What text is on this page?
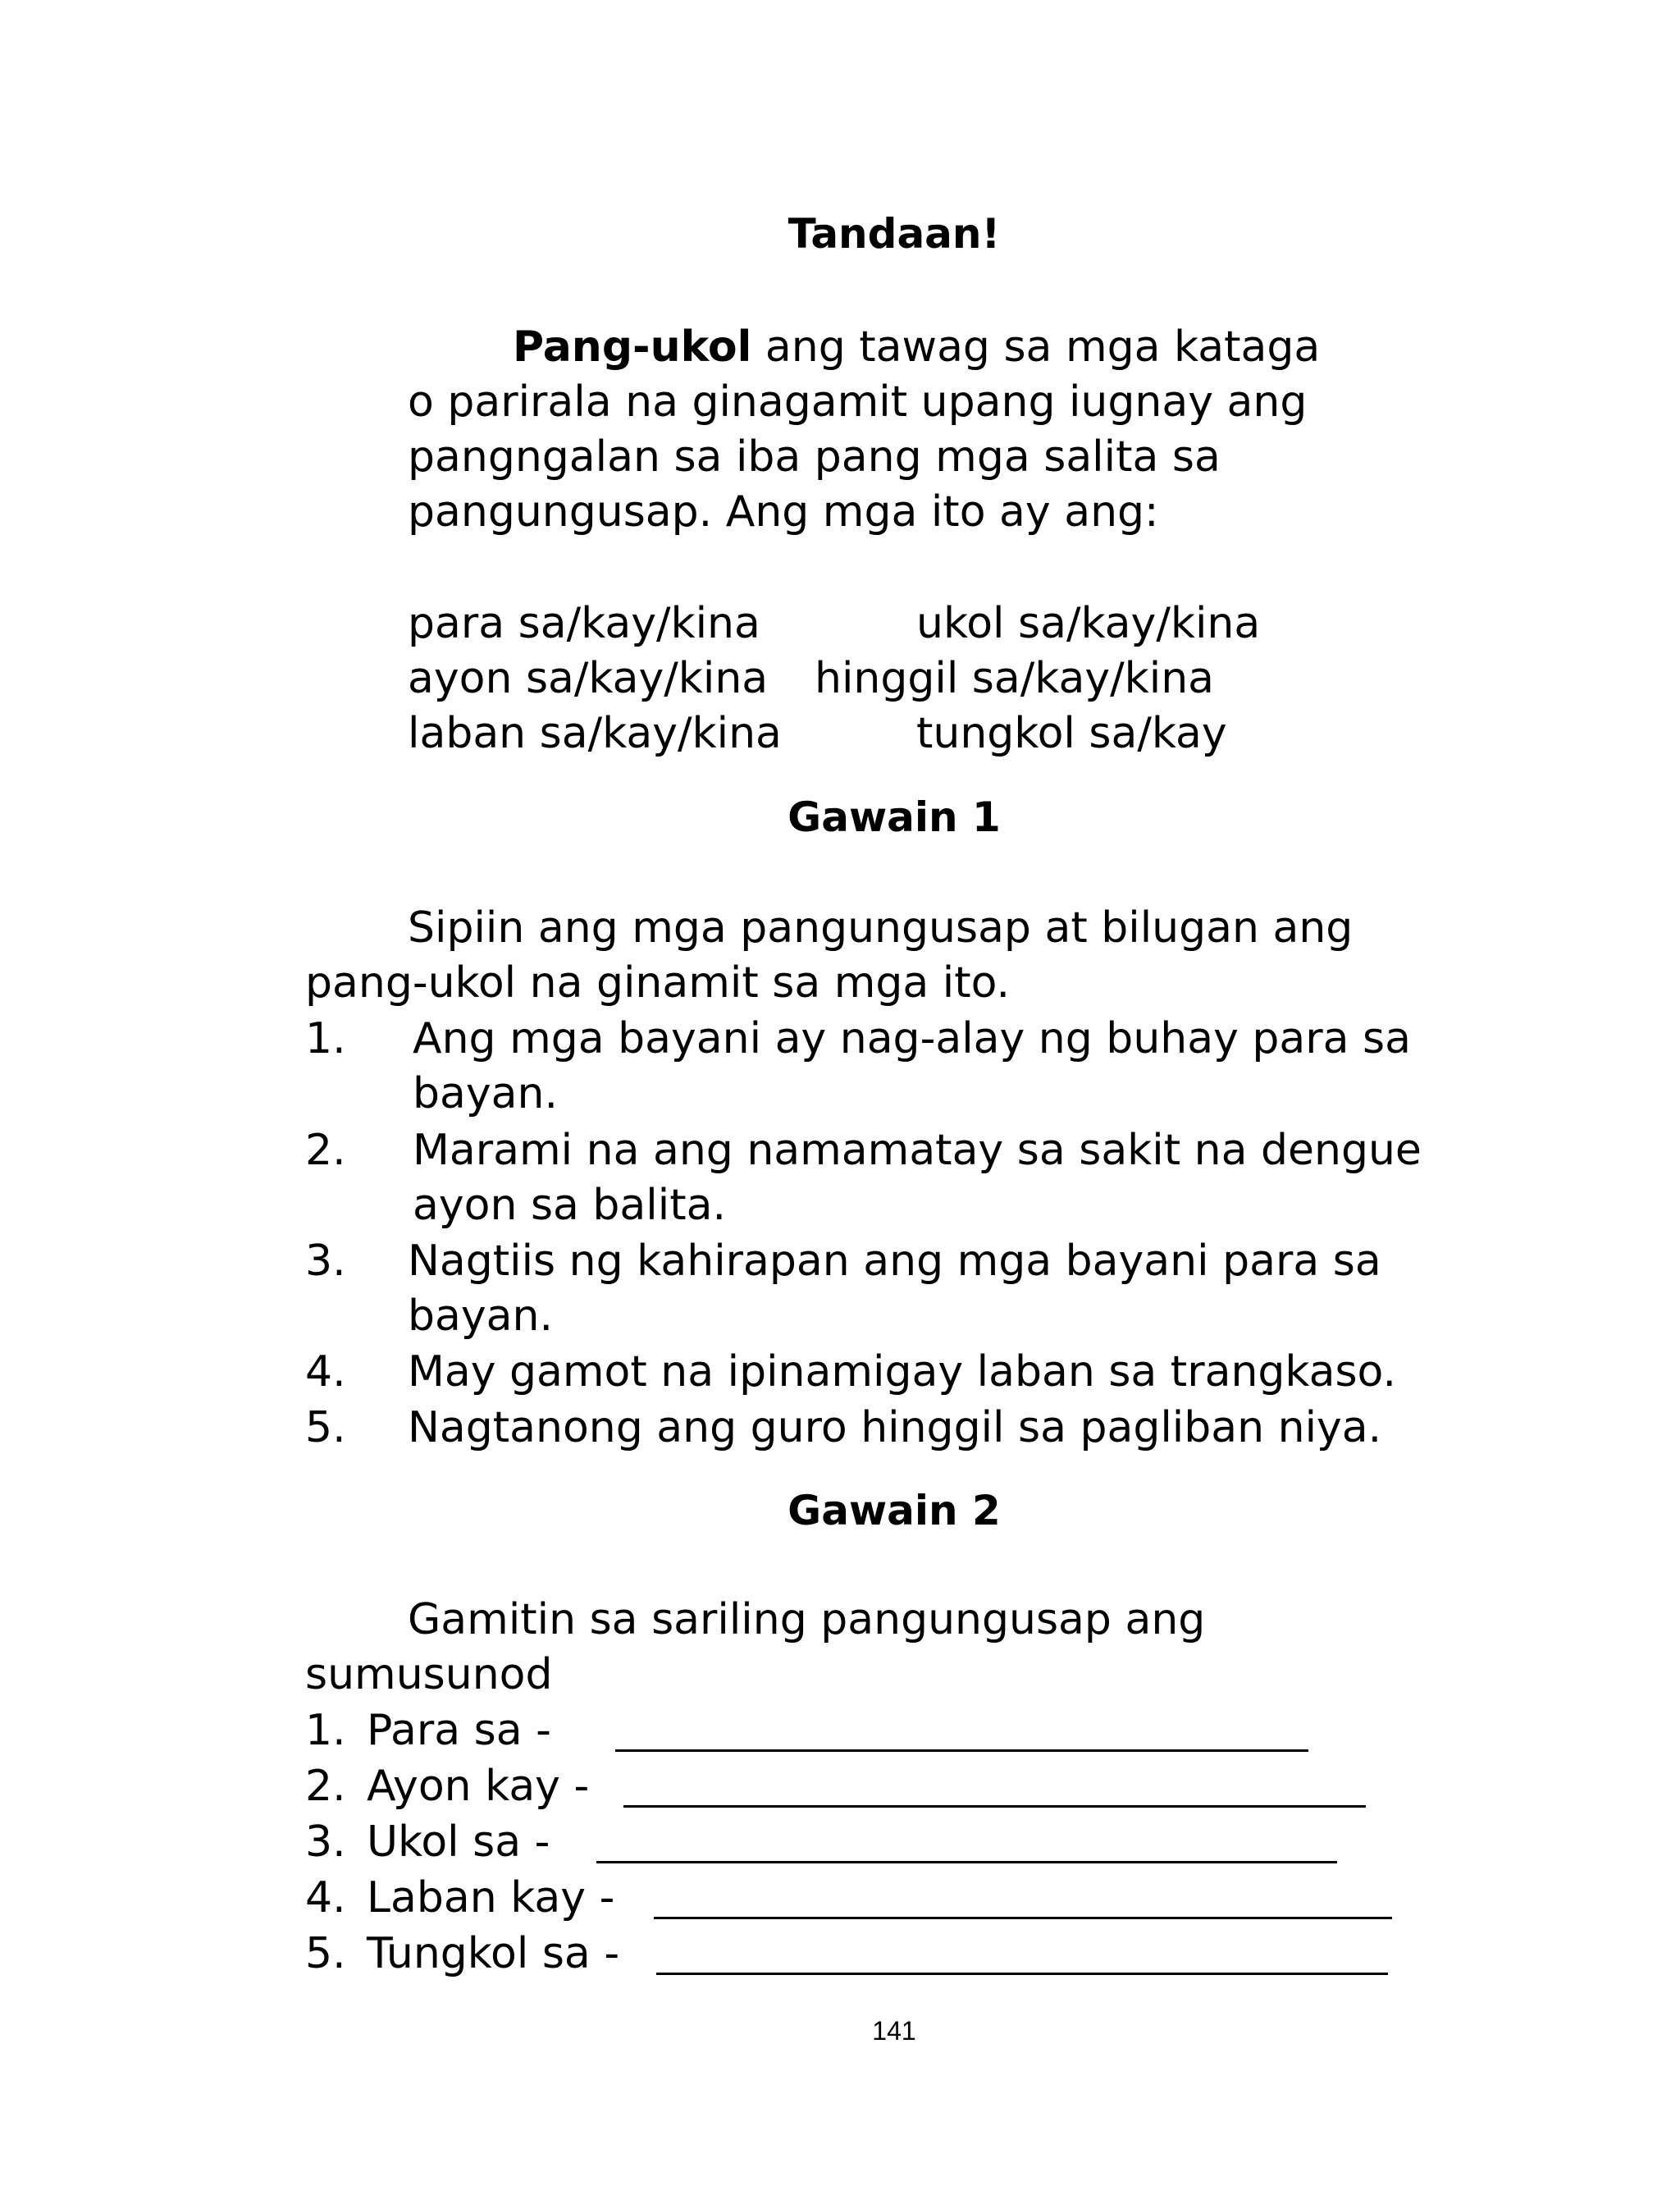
Tandaan!
Pang-ukol ang tawag sa mga kataga
o parirala na ginagamit upang iugnay ang
pangngalan sa iba pang mga salita sa
pangungusap. Ang mga ito ay ang:
para sa/kay/kina	ukol sa/kay/kina
ayon sa/kay/kina hinggil sa/kay/kina
laban sa/kay/kina	tungkol sa/kay
Gawain 1
Sipiin ang mga pangungusap at bilugan ang
pang-ukol na ginamit sa mga ito.
1. Ang mga bayani ay nag-alay ng buhay para sa
bayan.
2. Marami na ang namamatay sa sakit na dengue
ayon sa balita.
3. Nagtiis ng kahirapan ang mga bayani para sa
bayan.
4. May gamot na ipinamigay laban sa trangkaso.
5. Nagtanong ang guro hinggil sa pagliban niya.
Gawain 2
Gamitin sa sariling pangungusap ang
sumusunod
1. Para sa -
2. Ayon kay -
3. Ukol sa -
4. Laban kay -
5. Tungkol sa -
141
